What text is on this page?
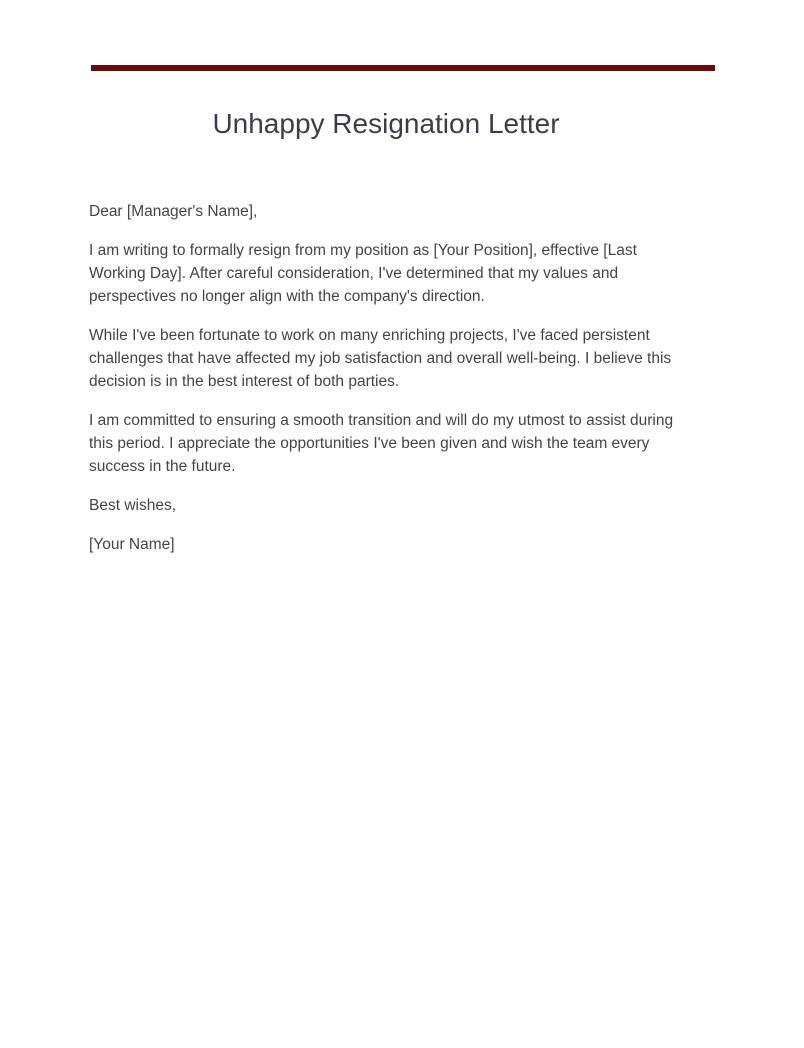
Unhappy Resignation Letter

Dear [Manager's Name],

I am writing to formally resign from my position as [Your Position], effective [Last Working Day]. After careful consideration, I've determined that my values and perspectives no longer align with the company's direction.

While I've been fortunate to work on many enriching projects, I've faced persistent challenges that have affected my job satisfaction and overall well-being. I believe this decision is in the best interest of both parties.

I am committed to ensuring a smooth transition and will do my utmost to assist during this period. I appreciate the opportunities I've been given and wish the team every success in the future.

Best wishes,

[Your Name]
